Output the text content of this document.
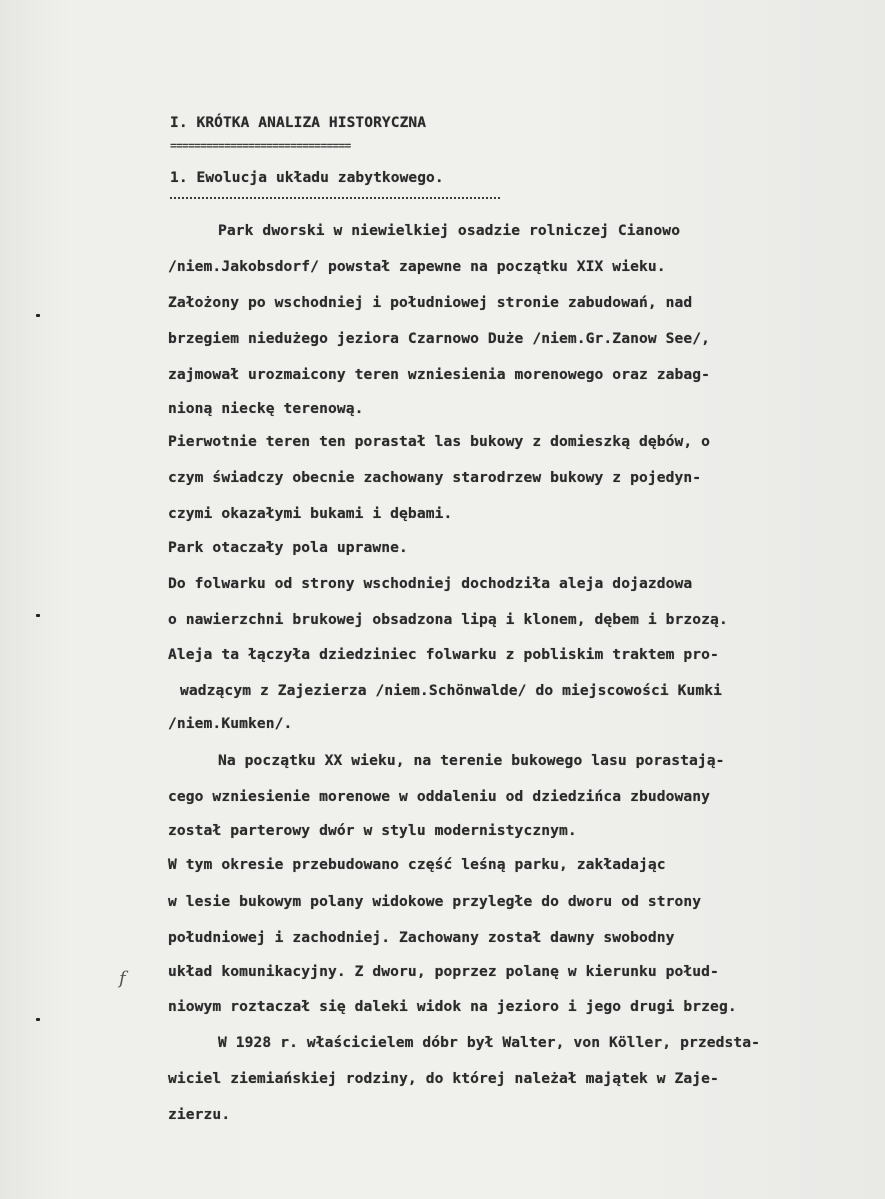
f
I. KRÓTKA ANALIZA HISTORYCZNA
==============================
1. Ewolucja układu zabytkowego.
Park dworski w niewielkiej osadzie rolniczej Cianowo
/niem.Jakobsdorf/ powstał zapewne na początku XIX wieku.
Założony po wschodniej i południowej stronie zabudowań, nad
brzegiem niedużego jeziora Czarnowo Duże /niem.Gr.Zanow See/,
zajmował urozmaicony teren wzniesienia morenowego oraz zabag-
nioną nieckę terenową.
Pierwotnie teren ten porastał las bukowy z domieszką dębów, o
czym świadczy obecnie zachowany starodrzew bukowy z pojedyn-
czymi okazałymi bukami i dębami.
Park otaczały pola uprawne.
Do folwarku od strony wschodniej dochodziła aleja dojazdowa
o nawierzchni brukowej obsadzona lipą i klonem, dębem i brzozą.
Aleja ta łączyła dziedziniec folwarku z pobliskim traktem pro-
wadzącym z Zajezierza /niem.Schönwalde/ do miejscowości Kumki
/niem.Kumken/.
Na początku XX wieku, na terenie bukowego lasu porastają-
cego wzniesienie morenowe w oddaleniu od dziedzińca zbudowany
został parterowy dwór w stylu modernistycznym.
W tym okresie przebudowano część leśną parku, zakładając
w lesie bukowym polany widokowe przyległe do dworu od strony
południowej i zachodniej. Zachowany został dawny swobodny
układ komunikacyjny. Z dworu, poprzez polanę w kierunku połud-
niowym roztaczał się daleki widok na jezioro i jego drugi brzeg.
W 1928 r. właścicielem dóbr był Walter, von Köller, przedsta-
wiciel ziemiańskiej rodziny, do której należał majątek w Zaje-
zierzu.
